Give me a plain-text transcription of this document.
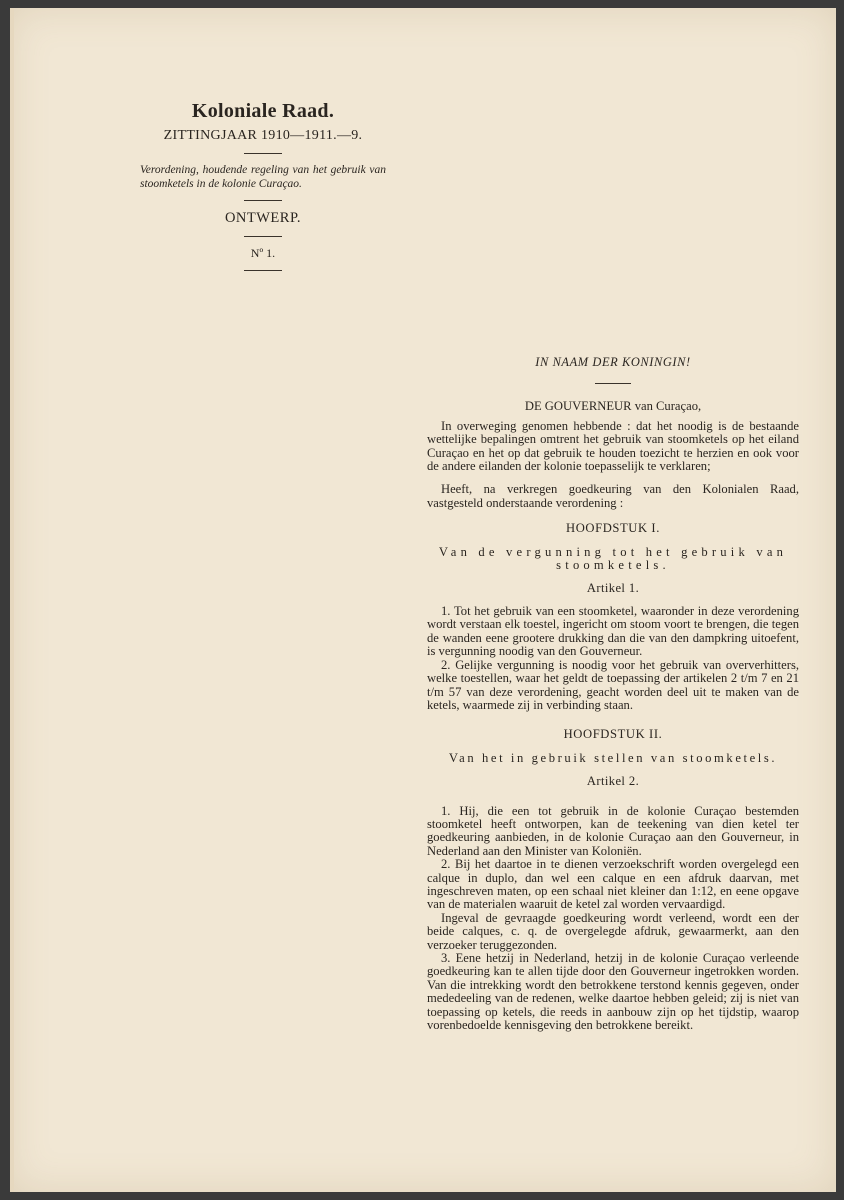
Koloniale Raad.
ZITTINGJAAR 1910—1911.—9.
Verordening, houdende regeling van het gebruik van stoomketels in de kolonie Curaçao.
ONTWERP.
Nº 1.
IN NAAM DER KONINGIN!
DE GOUVERNEUR van Curaçao,

In overweging genomen hebbende : dat het noodig is de bestaande wettelijke bepalingen omtrent het gebruik van stoomketels op het eiland Curaçao en het op dat gebruik te houden toezicht te herzien en ook voor de andere eilanden der kolonie toepasselijk te verklaren;

Heeft, na verkregen goedkeuring van den Kolonialen Raad, vastgesteld onderstaande verordening :

HOOFDSTUK I.
Van de vergunning tot het gebruik van stoomketels.
Artikel 1.

1. Tot het gebruik van een stoomketel, waaronder in deze verordening wordt verstaan elk toestel, ingericht om stoom voort te brengen, die tegen de wanden eene grootere drukking dan die van den dampkring uitoefent, is vergunning noodig van den Gouverneur.

2. Gelijke vergunning is noodig voor het gebruik van oververhitters, welke toestellen, waar het geldt de toepassing der artikelen 2 t/m 7 en 21 t/m 57 van deze verordening, geacht worden deel uit te maken van de ketels, waarmede zij in verbinding staan.

HOOFDSTUK II.
Van het in gebruik stellen van stoomketels.
Artikel 2.

1. Hij, die een tot gebruik in de kolonie Curaçao bestemden stoomketel heeft ontworpen, kan de teekening van dien ketel ter goedkeuring aanbieden, in de kolonie Curaçao aan den Gouverneur, in Nederland aan den Minister van Koloniën.

2. Bij het daartoe in te dienen verzoekschrift worden overgelegd een calque in duplo, dan wel een calque en een afdruk daarvan, met ingeschreven maten, op een schaal niet kleiner dan 1:12, en eene opgave van de materialen waaruit de ketel zal worden vervaardigd.

Ingeval de gevraagde goedkeuring wordt verleend, wordt een der beide calques, c. q. de overgelegde afdruk, gewaarmerkt, aan den verzoeker teruggezonden.

3. Eene hetzij in Nederland, hetzij in de kolonie Curaçao verleende goedkeuring kan te allen tijde door den Gouverneur ingetrokken worden. Van die intrekking wordt den betrokkene terstond kennis gegeven, onder mededeeling van de redenen, welke daartoe hebben geleid; zij is niet van toepassing op ketels, die reeds in aanbouw zijn op het tijdstip, waarop vorenbedoelde kennisgeving den betrokkene bereikt.
